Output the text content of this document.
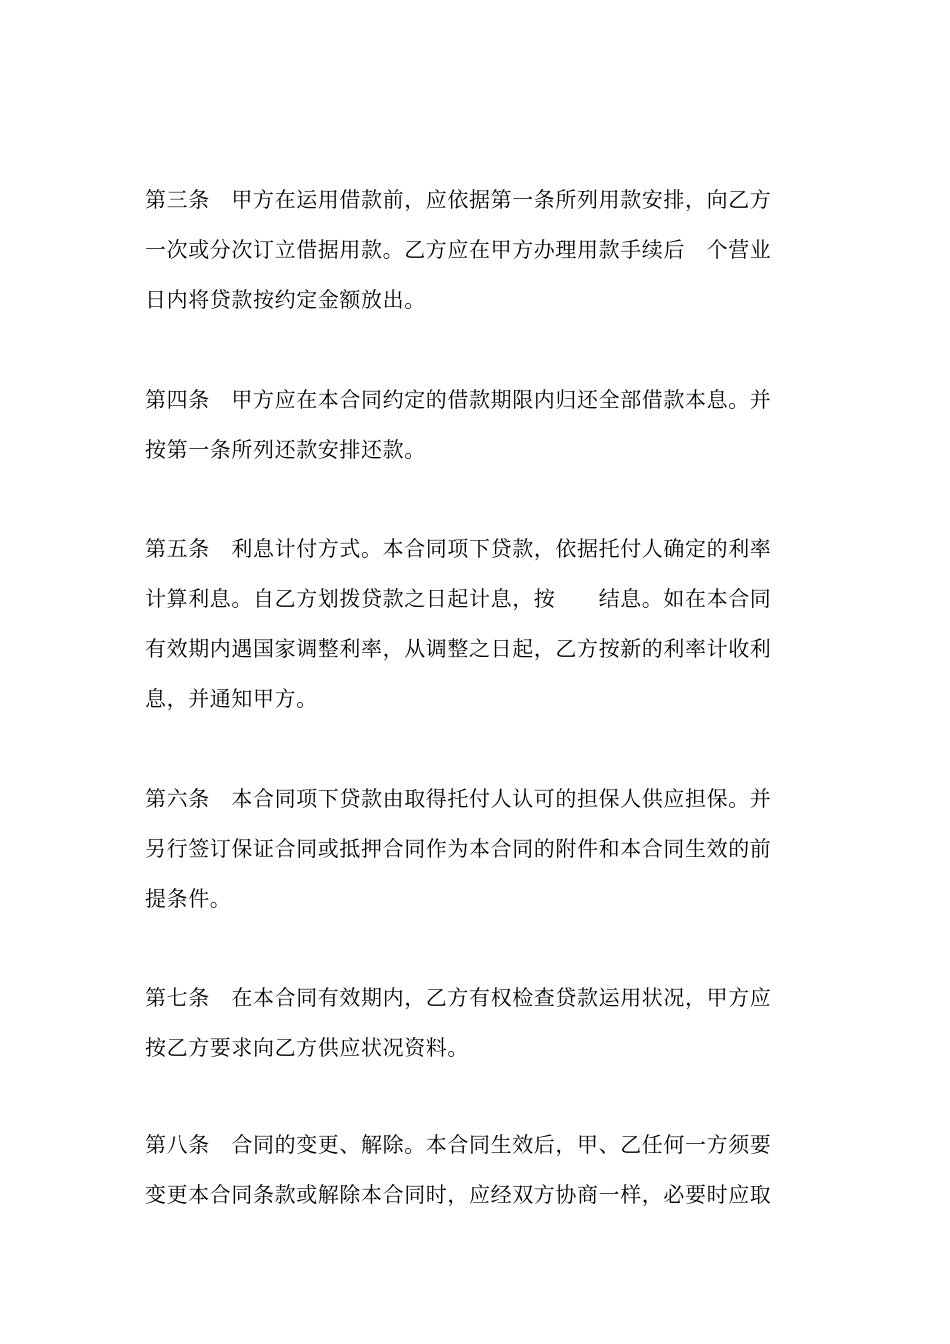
第三条　甲方在运用借款前，应依据第一条所列用款安排，向乙方
一次或分次订立借据用款。乙方应在甲方办理用款手续后　个营业
日内将贷款按约定金额放出。
第四条　甲方应在本合同约定的借款期限内归还全部借款本息。并
按第一条所列还款安排还款。
第五条　利息计付方式。本合同项下贷款，依据托付人确定的利率
计算利息。自乙方划拨贷款之日起计息，按　　结息。如在本合同
有效期内遇国家调整利率，从调整之日起，乙方按新的利率计收利
息，并通知甲方。
第六条　本合同项下贷款由取得托付人认可的担保人供应担保。并
另行签订保证合同或抵押合同作为本合同的附件和本合同生效的前
提条件。
第七条　在本合同有效期内，乙方有权检查贷款运用状况，甲方应
按乙方要求向乙方供应状况资料。
第八条　合同的变更、解除。本合同生效后，甲、乙任何一方须要
变更本合同条款或解除本合同时，应经双方协商一样，必要时应取
